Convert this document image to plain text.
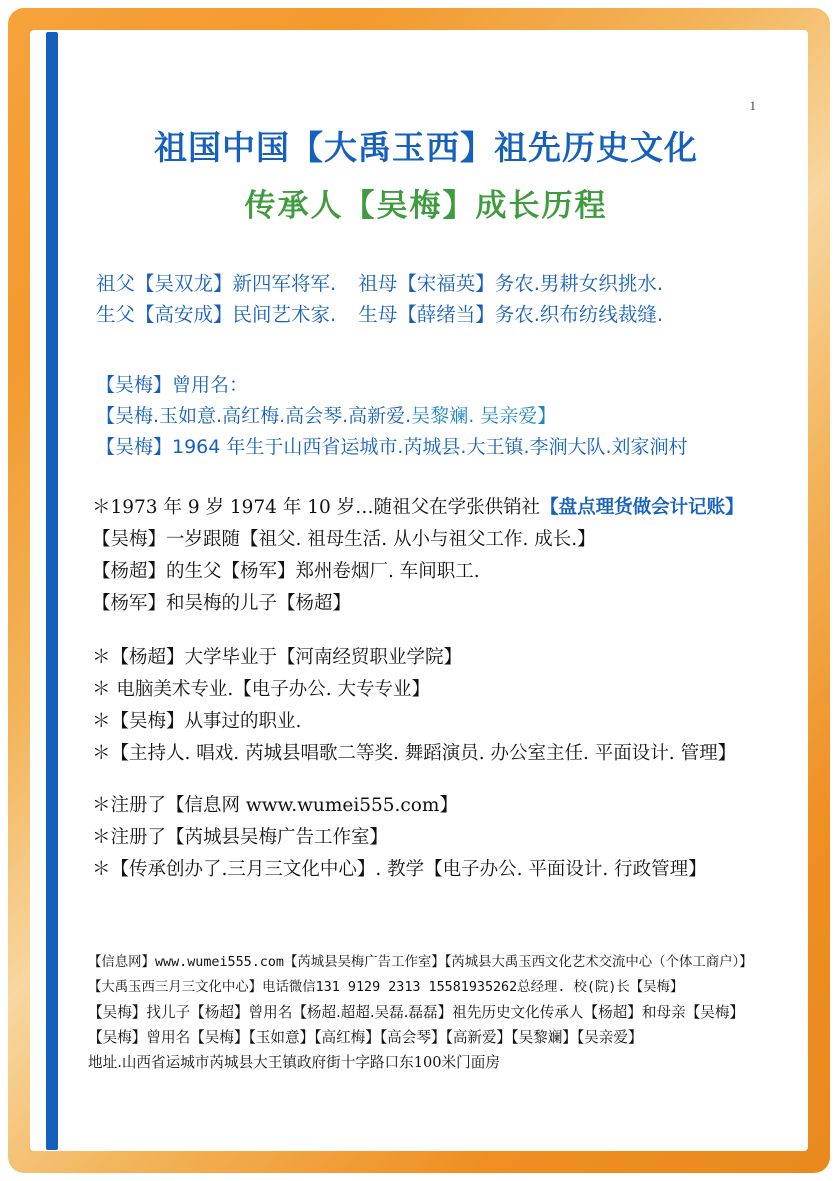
1
祖国中国【大禹玉西】祖先历史文化
传承人【吴梅】成长历程
祖父【吴双龙】新四军将军. 祖母【宋福英】务农.男耕女织挑水.
生父【高安成】民间艺术家. 生母【薛绪当】务农.织布纺线裁缝.
【吴梅】曾用名：
【吴梅.玉如意.高红梅.高会琴.高新爱.吴黎斓. 吴亲爱】
【吴梅】1964 年生于山西省运城市.芮城县.大王镇.李涧大队.刘家涧村
＊1973 年 9 岁 1974 年 10 岁…随祖父在学张供销社【盘点理货做会计记账】
【吴梅】一岁跟随【祖父. 祖母生活. 从小与祖父工作. 成长.】
【杨超】的生父【杨军】郑州卷烟厂. 车间职工.
【杨军】和吴梅的儿子【杨超】
＊【杨超】大学毕业于【河南经贸职业学院】
＊ 电脑美术专业.【电子办公. 大专专业】
＊【吴梅】从事过的职业.
＊【主持人. 唱戏. 芮城县唱歌二等奖. 舞蹈演员. 办公室主任. 平面设计. 管理】
＊注册了【信息网 www.wumei555.com】
＊注册了【芮城县吴梅广告工作室】
＊【传承创办了.三月三文化中心】. 教学【电子办公. 平面设计. 行政管理】
【信息网】www.wumei555.com【芮城县吴梅广告工作室】【芮城县大禹玉西文化艺术交流中心（个体工商户）】
【大禹玉西三月三文化中心】电话微信131 9129 2313 15581935262总经理. 校(院)长【吴梅】
【吴梅】找儿子【杨超】曾用名【杨超.超超.吴磊.磊磊】祖先历史文化传承人【杨超】和母亲【吴梅】
【吴梅】曾用名【吴梅】【玉如意】【高红梅】【高会琴】【高新爱】【吴黎斓】【吴亲爱】
地址.山西省运城市芮城县大王镇政府街十字路口东100米门面房
